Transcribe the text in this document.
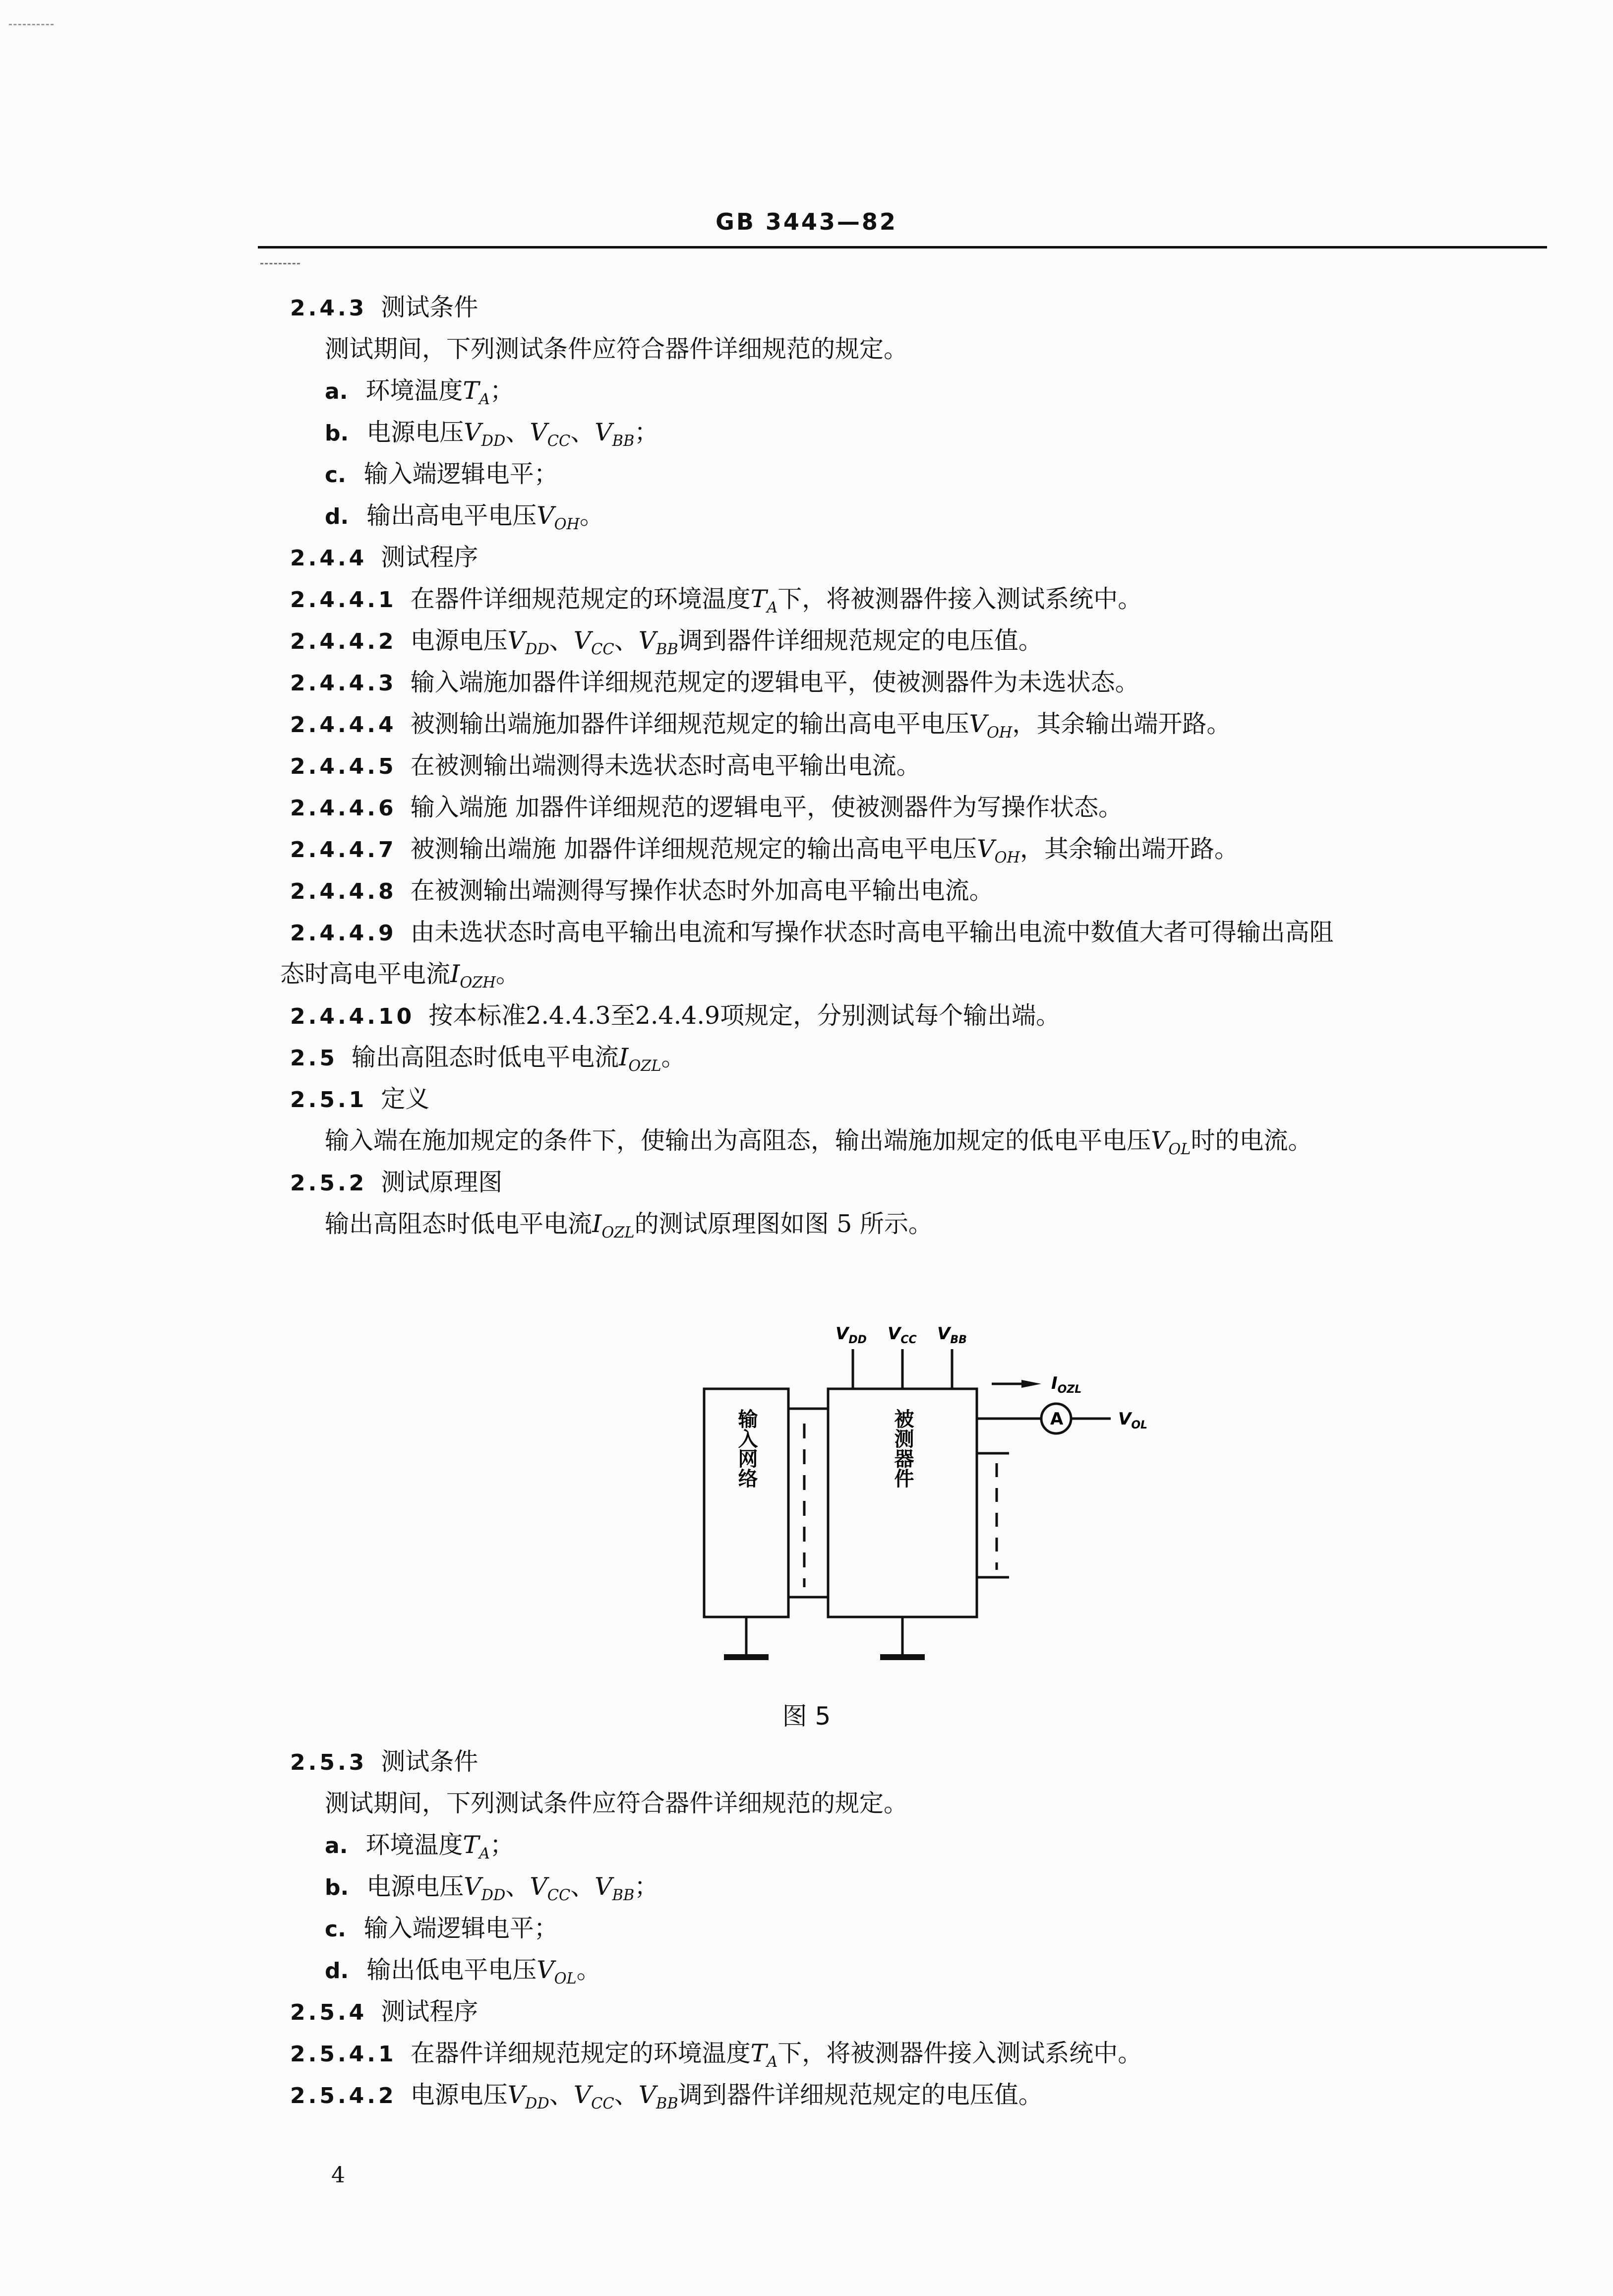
GB 3443—82
2.4.3 测试条件
测试期间，下列测试条件应符合器件详细规范的规定。
a. 环境温度$T_A$；
b. 电源电压$V_{DD}$、$V_{CC}$、$V_{BB}$；
c. 输入端逻辑电平；
d. 输出高电平电压$V_{OH}$。
2.4.4 测试程序
2.4.4.1 在器件详细规范规定的环境温度$T_A$下，将被测器件接入测试系统中。
2.4.4.2 电源电压$V_{DD}$、$V_{CC}$、$V_{BB}$调到器件详细规范规定的电压值。
2.4.4.3 输入端施加器件详细规范规定的逻辑电平，使被测器件为未选状态。
2.4.4.4 被测输出端施加器件详细规范规定的输出高电平电压$V_{OH}$，其余输出端开路。
2.4.4.5 在被测输出端测得未选状态时高电平输出电流。
2.4.4.6 输入端施 加器件详细规范的逻辑电平，使被测器件为写操作状态。
2.4.4.7 被测输出端施 加器件详细规范规定的输出高电平电压$V_{OH}$，其余输出端开路。
2.4.4.8 在被测输出端测得写操作状态时外加高电平输出电流。
2.4.4.9 由未选状态时高电平输出电流和写操作状态时高电平输出电流中数值大者可得输出高阻
态时高电平电流$I_{OZH}$。
2.4.4.10 按本标准2.4.4.3至2.4.4.9项规定，分别测试每个输出端。
2.5 输出高阻态时低电平电流$I_{OZL}$。
2.5.1 定义
输入端在施加规定的条件下，使输出为高阻态，输出端施加规定的低电平电压$V_{OL}$时的电流。
2.5.2 测试原理图
输出高阻态时低电平电流$I_{OZL}$的测试原理图如图 5 所示。
$V_{DD}$ $V_{CC}$ $V_{BB}$
$I_{OZL}$
$V_{OL}$
A
输入网络	被测器件
图 5
2.5.3 测试条件
测试期间，下列测试条件应符合器件详细规范的规定。
a. 环境温度$T_A$；
b. 电源电压$V_{DD}$、$V_{CC}$、$V_{BB}$；
c. 输入端逻辑电平；
d. 输出低电平电压$V_{OL}$。
2.5.4 测试程序
2.5.4.1 在器件详细规范规定的环境温度$T_A$下，将被测器件接入测试系统中。
2.5.4.2 电源电压$V_{DD}$、$V_{CC}$、$V_{BB}$调到器件详细规范规定的电压值。
4
